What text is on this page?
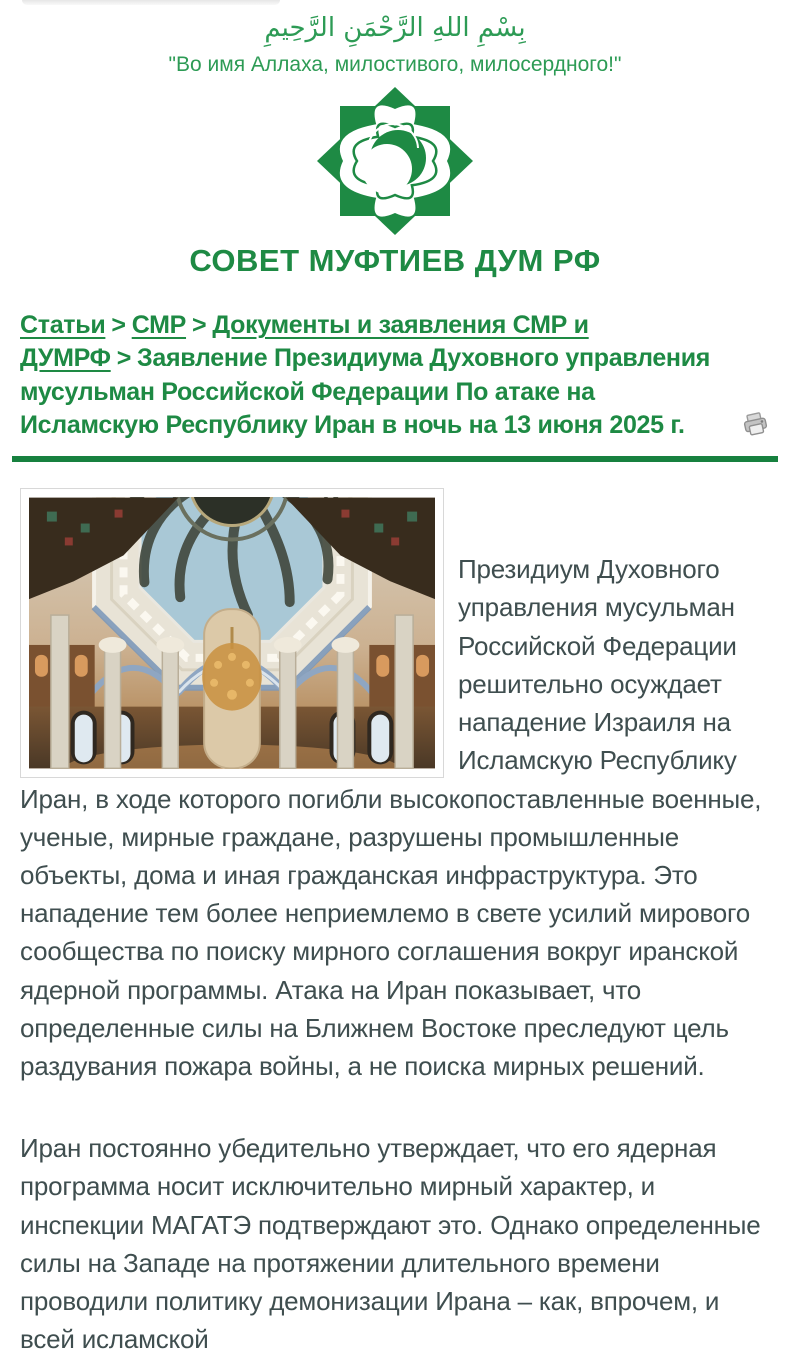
بِسْمِ اللهِ الرَّحْمَنِ الرَّحِيمِ
"Во имя Аллаха, милостивого, милосердного!"
СОВЕТ МУФТИЕВ ДУМ РФ
Статьи > СМР > Документы и заявления СМР и ДУМРФ > Заявление Президиума Духовного управления мусульман Российской Федерации По атаке на Исламскую Республику Иран в ночь на 13 июня 2025 г.

Президиум Духовного управления мусульман Российской Федерации решительно осуждает нападение Израиля на Исламскую Республику Иран, в ходе которого погибли высокопоставленные военные, ученые, мирные граждане, разрушены промышленные объекты, дома и иная гражданская инфраструктура. Это нападение тем более неприемлемо в свете усилий мирового сообщества по поиску мирного соглашения вокруг иранской ядерной программы. Атака на Иран показывает, что определенные силы на Ближнем Востоке преследуют цель раздувания пожара войны, а не поиска мирных решений.

Иран постоянно убедительно утверждает, что его ядерная программа носит исключительно мирный характер, и инспекции МАГАТЭ подтверждают это. Однако определенные силы на Западе на протяжении длительного времени проводили политику демонизации Ирана – как, впрочем, и всей исламской
